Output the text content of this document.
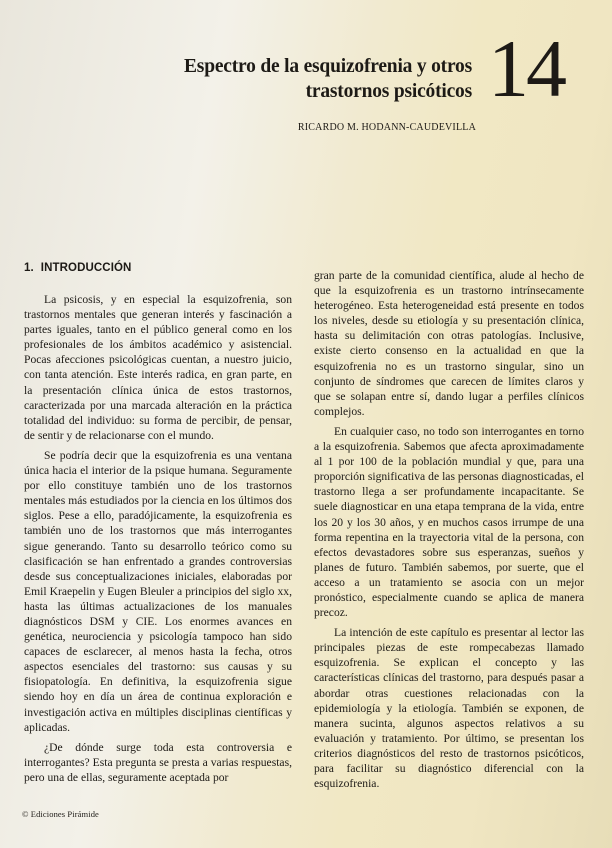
Espectro de la esquizofrenia y otros
trastornos psicóticos 14
RICARDO M. HODANN-CAUDEVILLA
1. INTRODUCCIÓN

La psicosis, y en especial la esquizofrenia, son trastornos mentales que generan interés y fascinación a partes iguales, tanto en el público general como en los profesionales de los ámbitos académico y asistencial. Pocas afecciones psicológicas cuentan, a nuestro juicio, con tanta atención. Este interés radica, en gran parte, en la presentación clínica única de estos trastornos, caracterizada por una marcada alteración en la práctica totalidad del individuo: su forma de percibir, de pensar, de sentir y de relacionarse con el mundo.

Se podría decir que la esquizofrenia es una ventana única hacia el interior de la psique humana. Seguramente por ello constituye también uno de los trastornos mentales más estudiados por la ciencia en los últimos dos siglos. Pese a ello, paradójicamente, la esquizofrenia es también uno de los trastornos que más interrogantes sigue generando. Tanto su desarrollo teórico como su clasificación se han enfrentado a grandes controversias desde sus conceptualizaciones iniciales, elaboradas por Emil Kraepelin y Eugen Bleuler a principios del siglo xx, hasta las últimas actualizaciones de los manuales diagnósticos DSM y CIE. Los enormes avances en genética, neurociencia y psicología tampoco han sido capaces de esclarecer, al menos hasta la fecha, otros aspectos esenciales del trastorno: sus causas y su fisiopatología. En definitiva, la esquizofrenia sigue siendo hoy en día un área de continua exploración e investigación activa en múltiples disciplinas científicas y aplicadas.

¿De dónde surge toda esta controversia e interrogantes? Esta pregunta se presta a varias respuestas, pero una de ellas, seguramente aceptada por

gran parte de la comunidad científica, alude al hecho de que la esquizofrenia es un trastorno intrínsecamente heterogéneo. Esta heterogeneidad está presente en todos los niveles, desde su etiología y su presentación clínica, hasta su delimitación con otras patologías. Inclusive, existe cierto consenso en la actualidad en que la esquizofrenia no es un trastorno singular, sino un conjunto de síndromes que carecen de límites claros y que se solapan entre sí, dando lugar a perfiles clínicos complejos.

En cualquier caso, no todo son interrogantes en torno a la esquizofrenia. Sabemos que afecta aproximadamente al 1 por 100 de la población mundial y que, para una proporción significativa de las personas diagnosticadas, el trastorno llega a ser profundamente incapacitante. Se suele diagnosticar en una etapa temprana de la vida, entre los 20 y los 30 años, y en muchos casos irrumpe de una forma repentina en la trayectoria vital de la persona, con efectos devastadores sobre sus esperanzas, sueños y planes de futuro. También sabemos, por suerte, que el acceso a un tratamiento se asocia con un mejor pronóstico, especialmente cuando se aplica de manera precoz.

La intención de este capítulo es presentar al lector las principales piezas de este rompecabezas llamado esquizofrenia. Se explican el concepto y las características clínicas del trastorno, para después pasar a abordar otras cuestiones relacionadas con la epidemiología y la etiología. También se exponen, de manera sucinta, algunos aspectos relativos a su evaluación y tratamiento. Por último, se presentan los criterios diagnósticos del resto de trastornos psicóticos, para facilitar su diagnóstico diferencial con la esquizofrenia.

© Ediciones Pirámide
